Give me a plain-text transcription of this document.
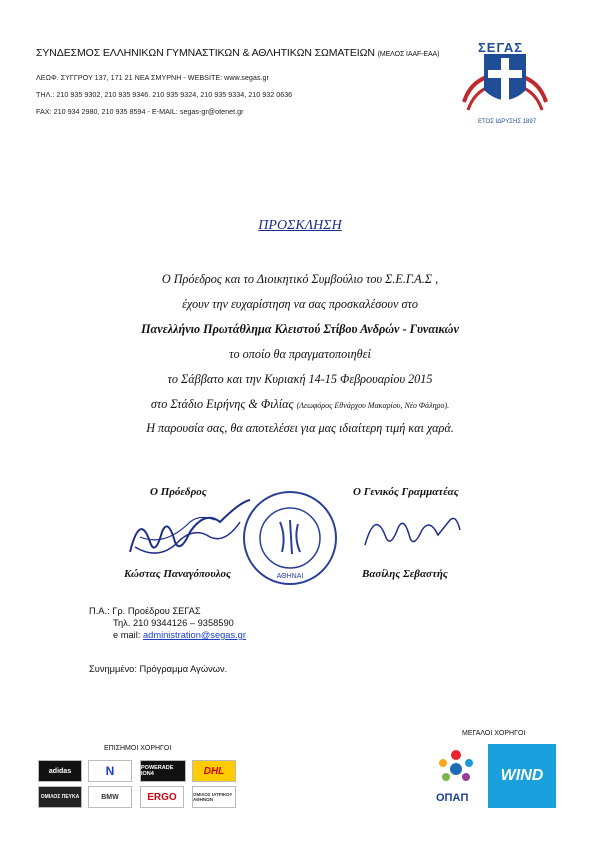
ΣΥΝΔΕΣΜΟΣ ΕΛΛΗΝΙΚΩΝ ΓΥΜΝΑΣΤΙΚΩΝ & ΑΘΛΗΤΙΚΩΝ ΣΩΜΑΤΕΙΩΝ (ΜΕΛΟΣ IAAF-EAA)
ΛΕΩΦ. ΣΥΓΓΡΟΥ 137, 171 21 ΝΕΑ ΣΜΥΡΝΗ - WEBSITE: www.segas.gr
ΤΗΛ.: 210 935 9302, 210 935 9346. 210 935 9324, 210 935 9334, 210 932 0636
FAX: 210 934 2980, 210 935 8594 - E-MAIL: segas-gr@otenet.gr
ΣΕΓΑΣ
ΕΤΟΣ ΙΔΡΥΣΗΣ 1897
ΠΡΟΣΚΛΗΣΗ
Ο Πρόεδρος και το Διοικητικό Συμβούλιο του Σ.Ε.Γ.Α.Σ ,
έχουν την ευχαρίστηση να σας προσκαλέσουν στο
Πανελλήνιο Πρωτάθλημα Κλειστού Στίβου Ανδρών - Γυναικών
το οποίο θα πραγματοποιηθεί
το Σάββατο και την Κυριακή 14-15 Φεβρουαρίου 2015
στο Στάδιο Ειρήνης & Φιλίας (Λεωφόρος Εθνάρχου Μακαρίου, Νέο Φάληρο).
Η παρουσία σας, θα αποτελέσει για μας ιδιαίτερη τιμή και χαρά.
Ο Πρόεδρος	Ο Γενικός Γραμματέας
ΑΘΗΝΑΙ
Κώστας Παναγόπουλος	Βασίλης Σεβαστής
Π.Α.: Γρ. Προέδρου ΣΕΓΑΣ
Τηλ. 210 9344126 – 9358590
e mail: administration@segas.gr
Συνημμένο: Πρόγραμμα Αγώνων.
ΕΠΙΣΗΜΟΙ ΧΟΡΗΓΟΙ
ΜΕΓΑΛΟΙ ΧΟΡΗΓΟΙ
adidas	N	POWERADE ION4	DHL
ΟΜΙΛΟΣ ΠΕΥΚΑ	BMW	ERGO	ΟΜΙΛΟΣ ΙΑΤΡΙΚΟΥ ΑΘΗΝΩΝ	ΟΠΑΠ
WIND
